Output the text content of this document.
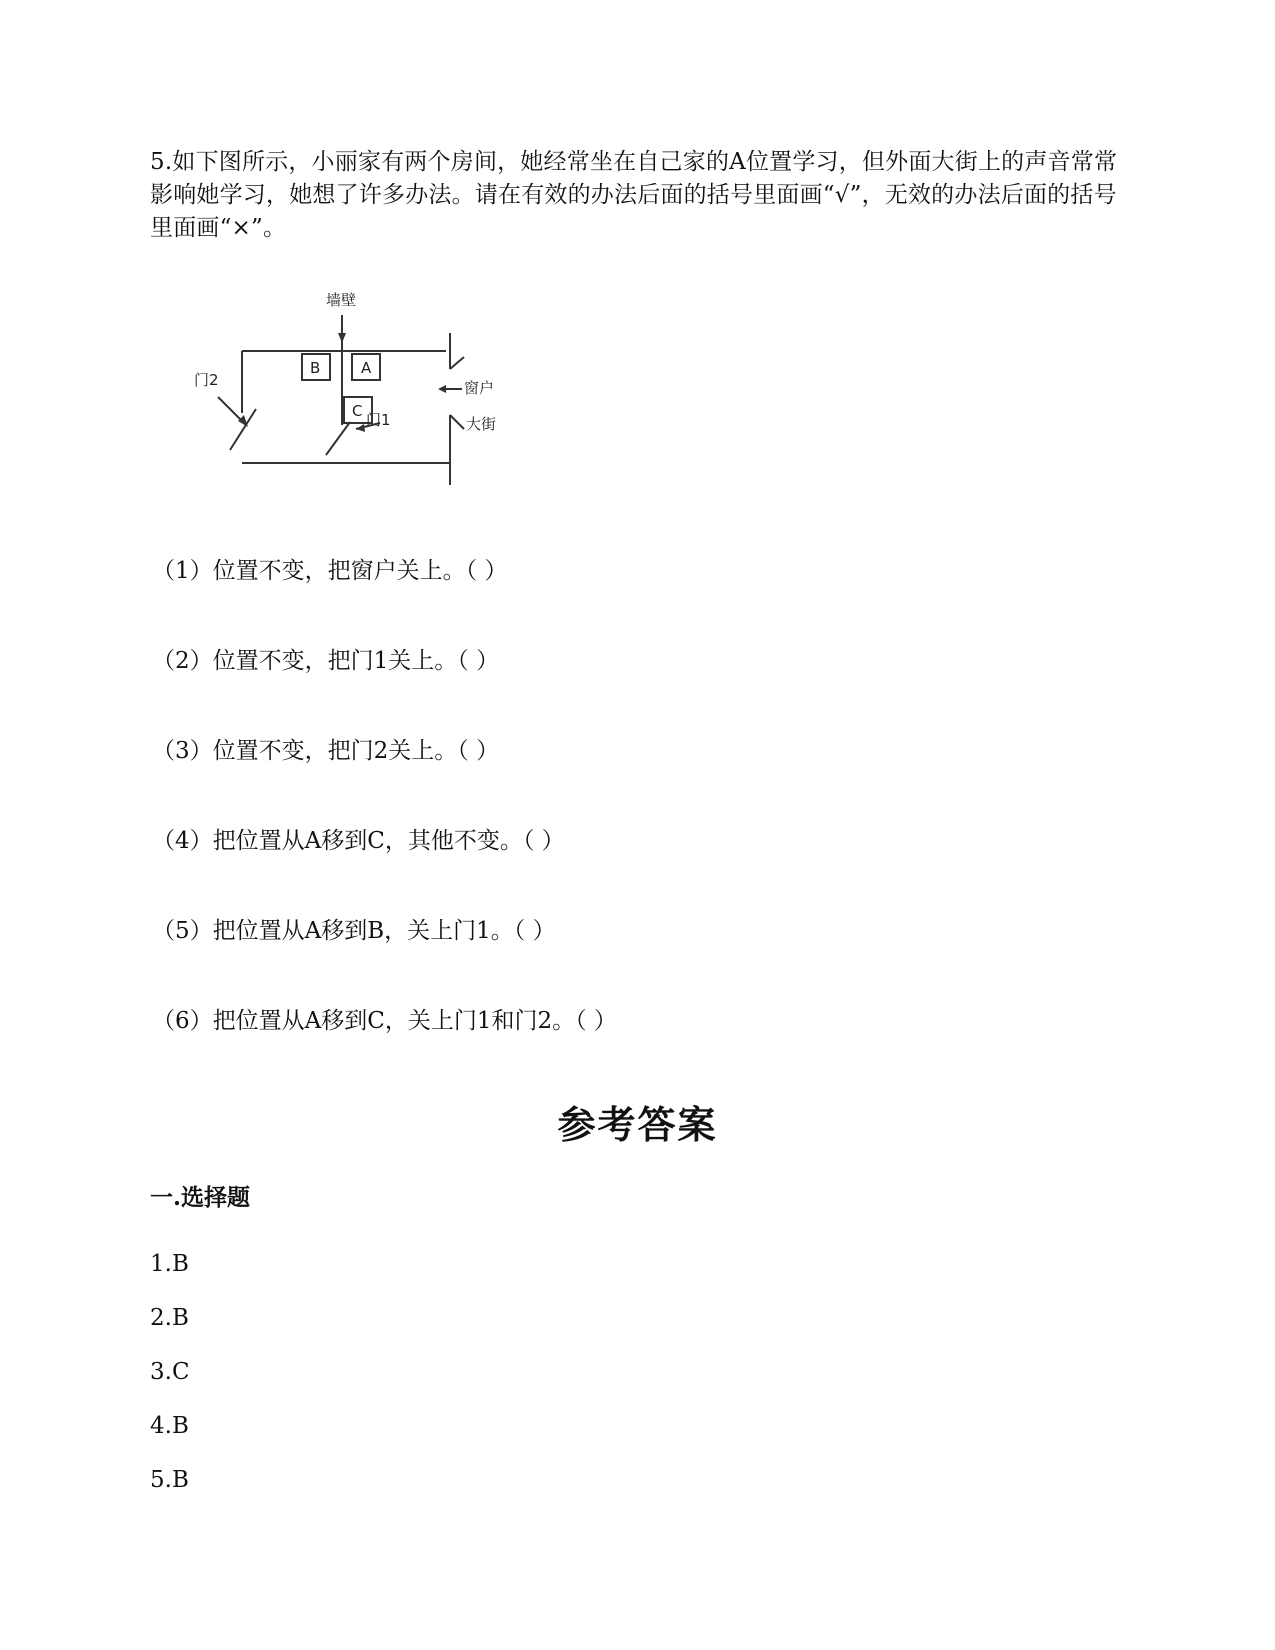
5.如下图所示，小丽家有两个房间，她经常坐在自己家的A位置学习，但外面大街上的声音常常影响她学习，她想了许多办法。请在有效的办法后面的括号里面画“√”，无效的办法后面的括号里面画“×”。
墙壁
窗户
大街
门1
门2
B	A
C
（1）位置不变，把窗户关上。（ ）
（2）位置不变，把门1关上。（ ）
（3）位置不变，把门2关上。（ ）
（4）把位置从A移到C，其他不变。（ ）
（5）把位置从A移到B，关上门1。（ ）
（6）把位置从A移到C，关上门1和门2。（ ）
参考答案
一.选择题
1.B
2.B
3.C
4.B
5.B
